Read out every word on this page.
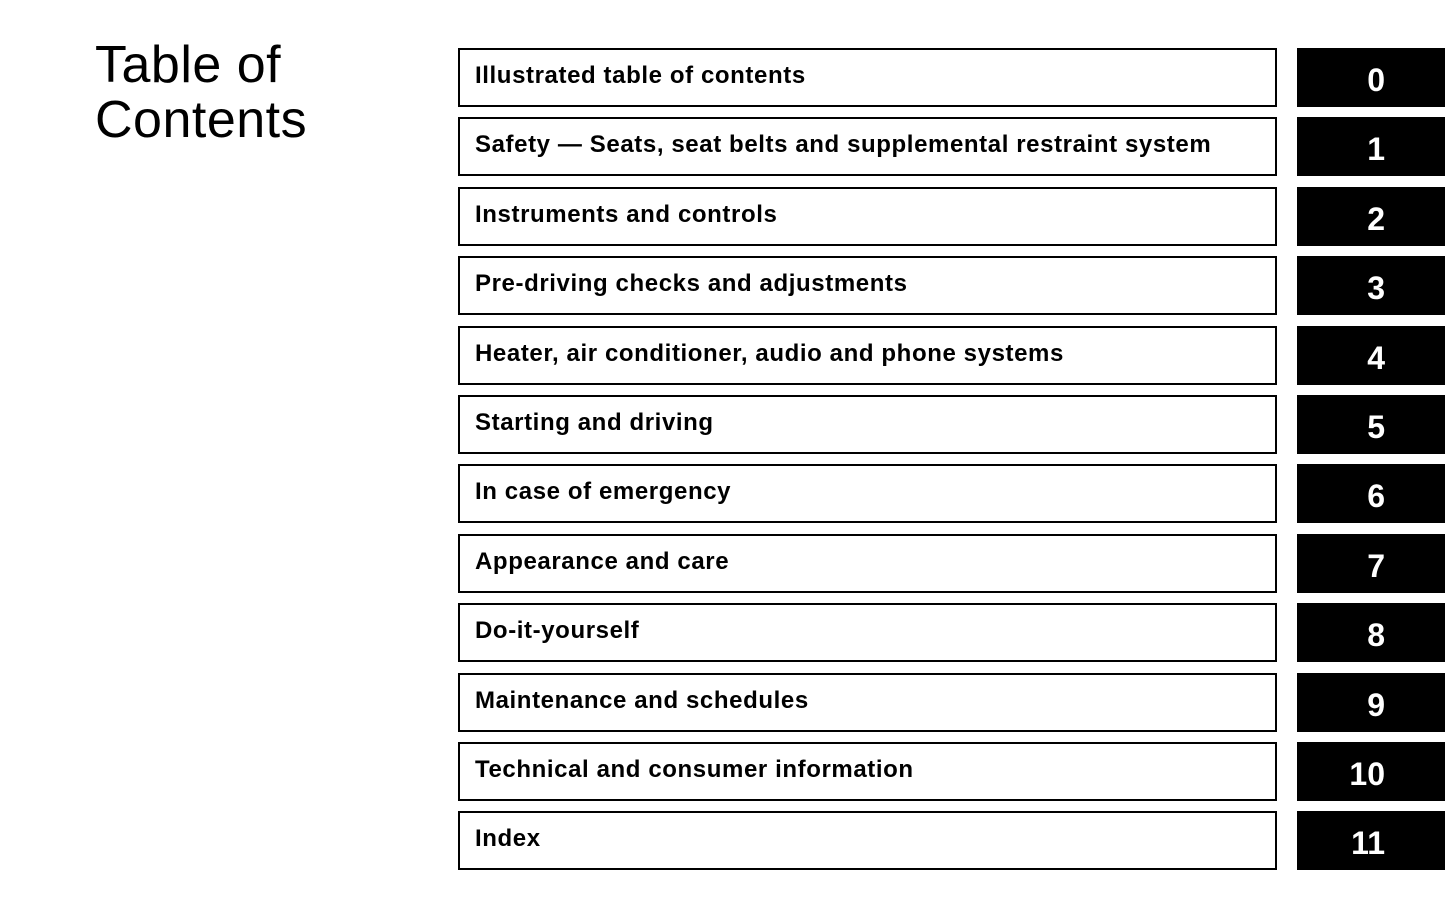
Table of
Contents
Illustrated table of contents	0
Safety — Seats, seat belts and supplemental restraint system	1
Instruments and controls	2
Pre-driving checks and adjustments	3
Heater, air conditioner, audio and phone systems	4
Starting and driving	5
In case of emergency	6
Appearance and care	7
Do-it-yourself	8
Maintenance and schedules	9
Technical and consumer information	10
Index	11
